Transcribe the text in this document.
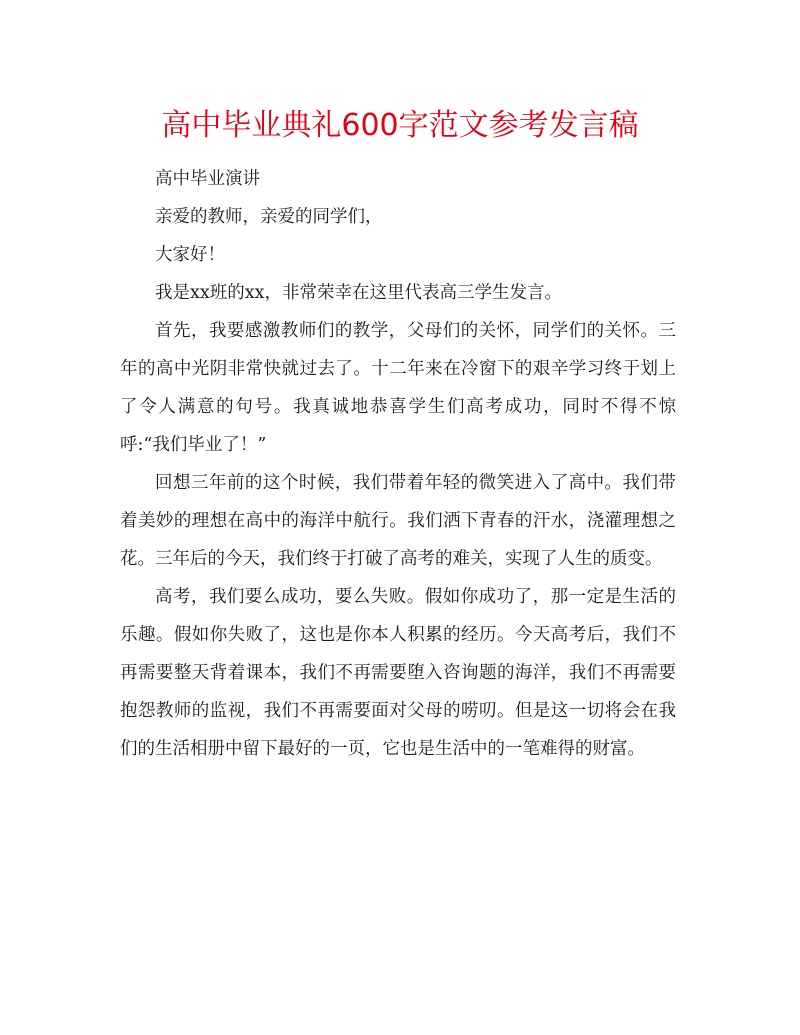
高中毕业典礼600字范文参考发言稿

高中毕业演讲

亲爱的教师，亲爱的同学们，

大家好！

我是xx班的xx，非常荣幸在这里代表高三学生发言。

首先，我要感激教师们的教学，父母们的关怀，同学们的关怀。三年的高中光阴非常快就过去了。十二年来在冷窗下的艰辛学习终于划上了令人满意的句号。我真诚地恭喜学生们高考成功，同时不得不惊呼:“我们毕业了！”

回想三年前的这个时候，我们带着年轻的微笑进入了高中。我们带着美妙的理想在高中的海洋中航行。我们洒下青春的汗水，浇灌理想之花。三年后的今天，我们终于打破了高考的难关，实现了人生的质变。

高考，我们要么成功，要么失败。假如你成功了，那一定是生活的乐趣。假如你失败了，这也是你本人积累的经历。今天高考后，我们不再需要整天背着课本，我们不再需要堕入咨询题的海洋，我们不再需要抱怨教师的监视，我们不再需要面对父母的唠叨。但是这一切将会在我们的生活相册中留下最好的一页，它也是生活中的一笔难得的财富。
